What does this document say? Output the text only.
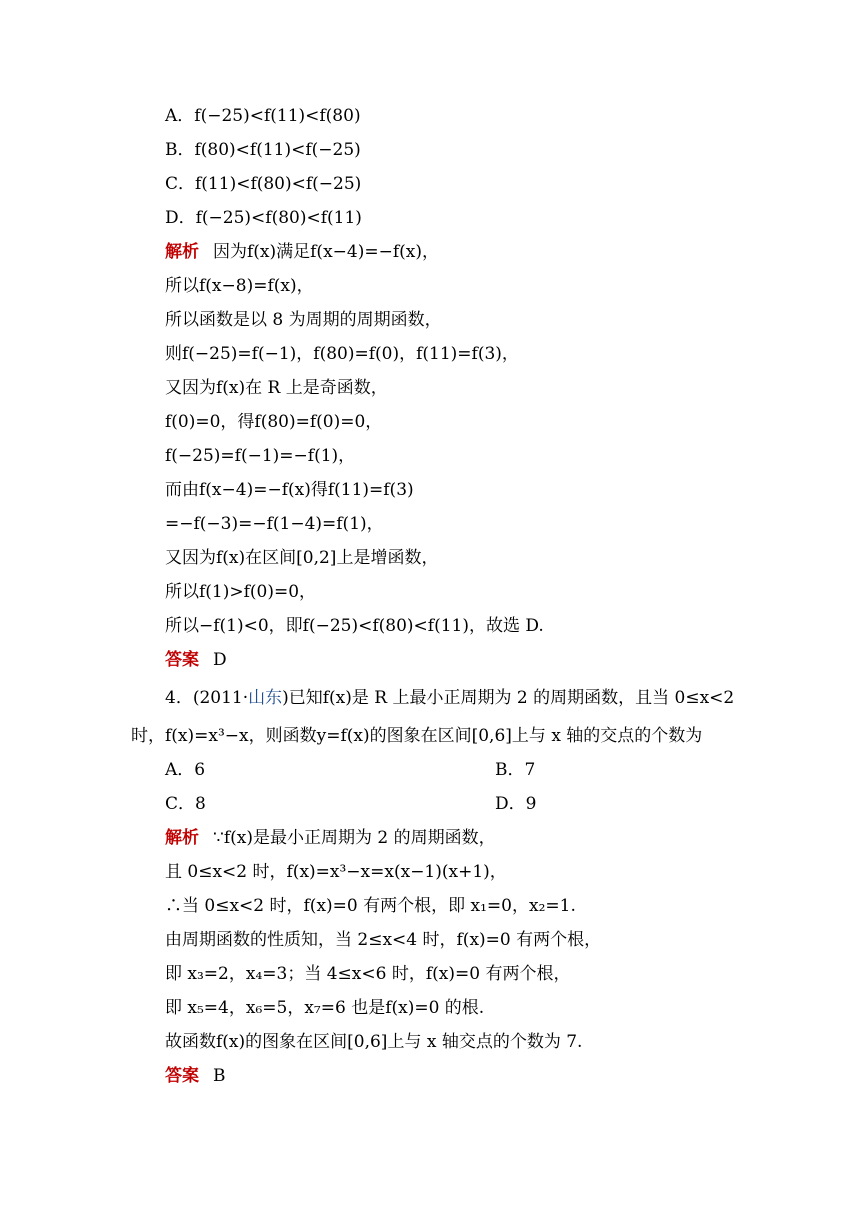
A．f(−25)<f(11)<f(80)
B．f(80)<f(11)<f(−25)
C．f(11)<f(80)<f(−25)
D．f(−25)<f(80)<f(11)
解析 因为f(x)满足f(x−4)=−f(x)，
所以f(x−8)=f(x)，
所以函数是以 8 为周期的周期函数，
则f(−25)=f(−1)，f(80)=f(0)，f(11)=f(3)，
又因为f(x)在 R 上是奇函数，
f(0)=0，得f(80)=f(0)=0，
f(−25)=f(−1)=−f(1)，
而由f(x−4)=−f(x)得f(11)=f(3)
=−f(−3)=−f(1−4)=f(1)，
又因为f(x)在区间[0,2]上是增函数，
所以f(1)>f(0)=0，
所以−f(1)<0，即f(−25)<f(80)<f(11)，故选 D.
答案 D
4．(2011·山东)已知f(x)是 R 上最小正周期为 2 的周期函数，且当 0≤x<2
时，f(x)=x³−x，则函数y=f(x)的图象在区间[0,6]上与 x 轴的交点的个数为
A．6	B．7
C．8	D．9
解析 ∵f(x)是最小正周期为 2 的周期函数，
且 0≤x<2 时，f(x)=x³−x=x(x−1)(x+1)，
∴当 0≤x<2 时，f(x)=0 有两个根，即 x₁=0，x₂=1.
由周期函数的性质知，当 2≤x<4 时，f(x)=0 有两个根，
即 x₃=2，x₄=3；当 4≤x<6 时，f(x)=0 有两个根，
即 x₅=4，x₆=5，x₇=6 也是f(x)=0 的根.
故函数f(x)的图象在区间[0,6]上与 x 轴交点的个数为 7.
答案 B
